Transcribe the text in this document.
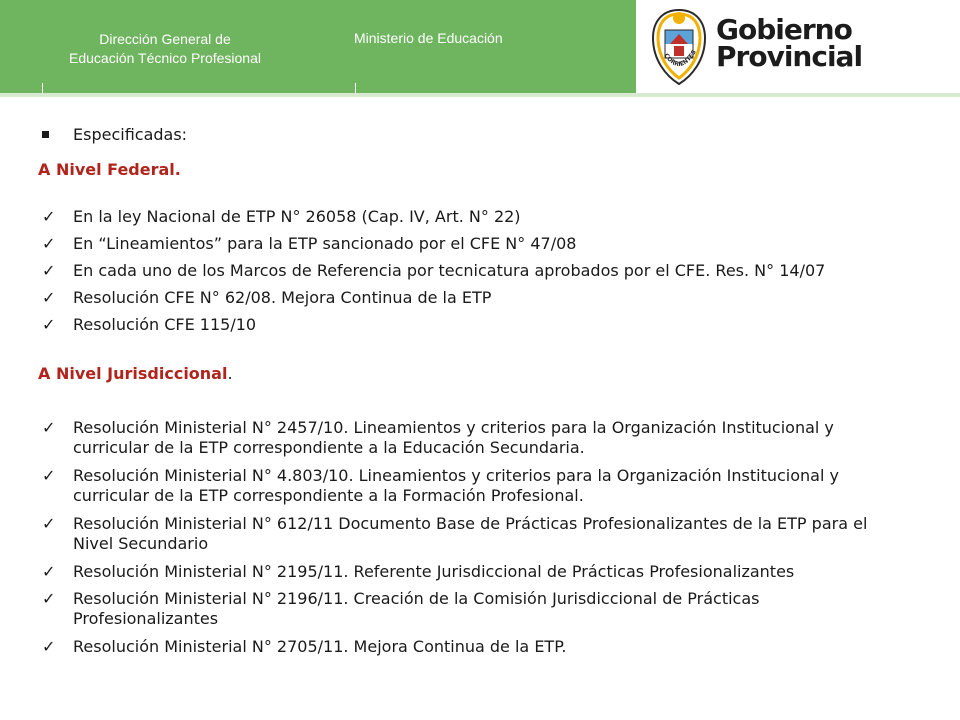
Dirección General de
Educación Técnico Profesional
Ministerio de Educación
CORRIENTES
Gobierno
Provincial
Especificadas:
A Nivel Federal.
✓ En la ley Nacional de ETP N° 26058 (Cap. IV, Art. N° 22)
✓ En “Lineamientos” para la ETP sancionado por el CFE N° 47/08
✓ En cada uno de los Marcos de Referencia por tecnicatura aprobados por el CFE. Res. N° 14/07
✓ Resolución CFE N° 62/08. Mejora Continua de la ETP
✓ Resolución CFE 115/10
A Nivel Jurisdiccional.
✓ Resolución Ministerial N° 2457/10. Lineamientos y criterios para la Organización Institucional y
curricular de la ETP correspondiente a la Educación Secundaria.
✓ Resolución Ministerial N° 4.803/10. Lineamientos y criterios para la Organización Institucional y
curricular de la ETP correspondiente a la Formación Profesional.
✓ Resolución Ministerial N° 612/11 Documento Base de Prácticas Profesionalizantes de la ETP para el
Nivel Secundario
✓ Resolución Ministerial N° 2195/11. Referente Jurisdiccional de Prácticas Profesionalizantes
✓ Resolución Ministerial N° 2196/11. Creación de la Comisión Jurisdiccional de Prácticas
Profesionalizantes
✓ Resolución Ministerial N° 2705/11. Mejora Continua de la ETP.
